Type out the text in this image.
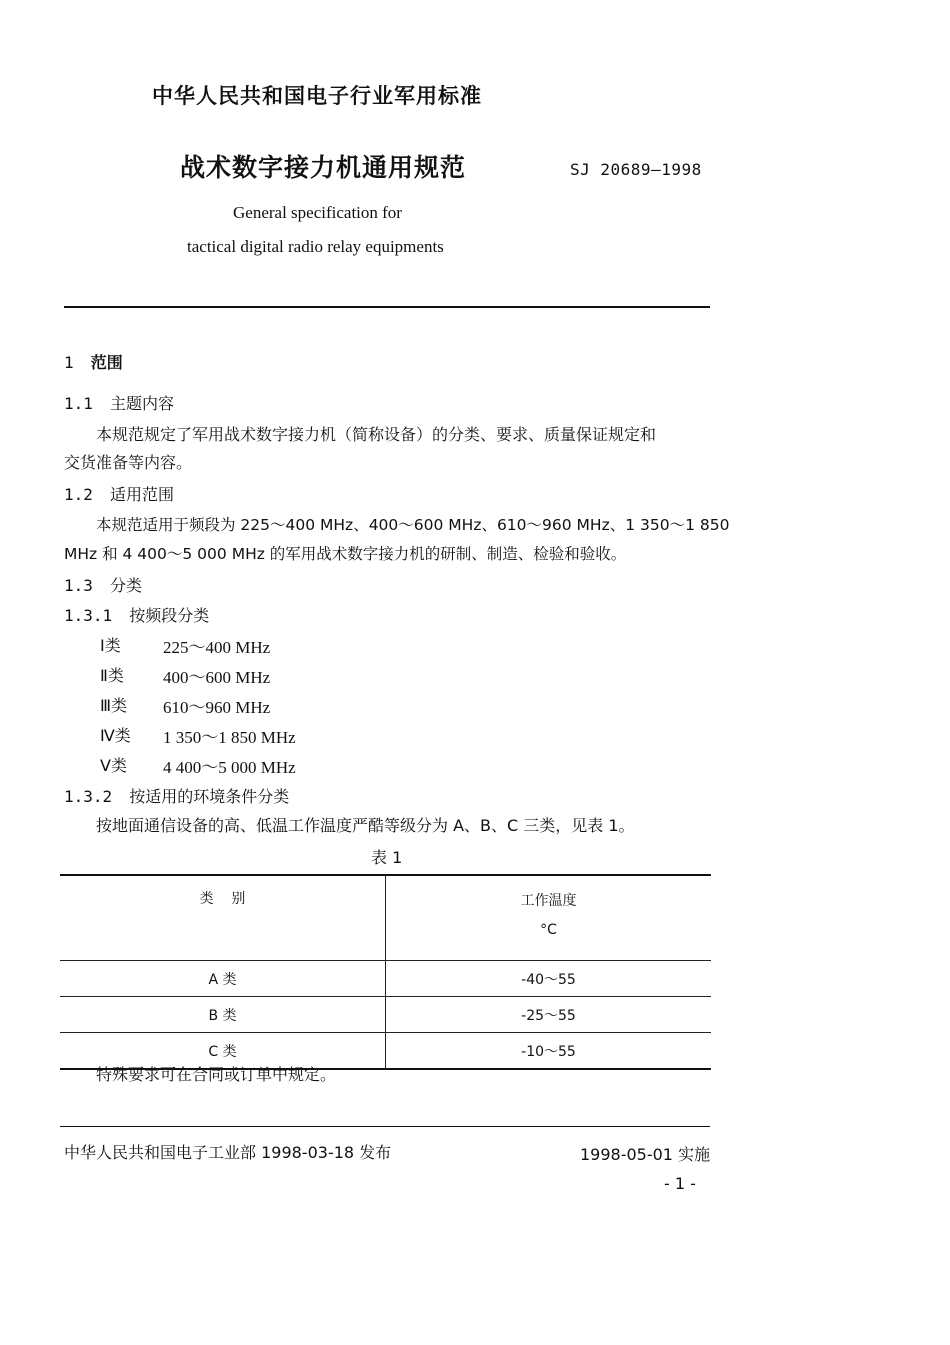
中华人民共和国电子行业军用标准
战术数字接力机通用规范	SJ 20689—1998
General specification for
tactical digital radio relay equipments
1 范围
1.1 主题内容
本规范规定了军用战术数字接力机（简称设备）的分类、要求、质量保证规定和
交货准备等内容。
1.2 适用范围
本规范适用于频段为 225～400 MHz、400～600 MHz、610～960 MHz、1 350～1 850
MHz 和 4 400～5 000 MHz 的军用战术数字接力机的研制、制造、检验和验收。
1.3 分类
1.3.1 按频段分类
Ⅰ类 225～400 MHz
Ⅱ类 400～600 MHz
Ⅲ类 610～960 MHz
Ⅳ类 1 350～1 850 MHz
Ⅴ类 4 400～5 000 MHz
1.3.2 按适用的环境条件分类
按地面通信设备的高、低温工作温度严酷等级分为 A、B、C 三类，见表 1。
表 1
类    别	工作温度
°C

A 类	-40～55
B 类	-25～55
C 类	-10～55
特殊要求可在合同或订单中规定。
中华人民共和国电子工业部 1998-03-18 发布	1998-05-01 实施
- 1 -
